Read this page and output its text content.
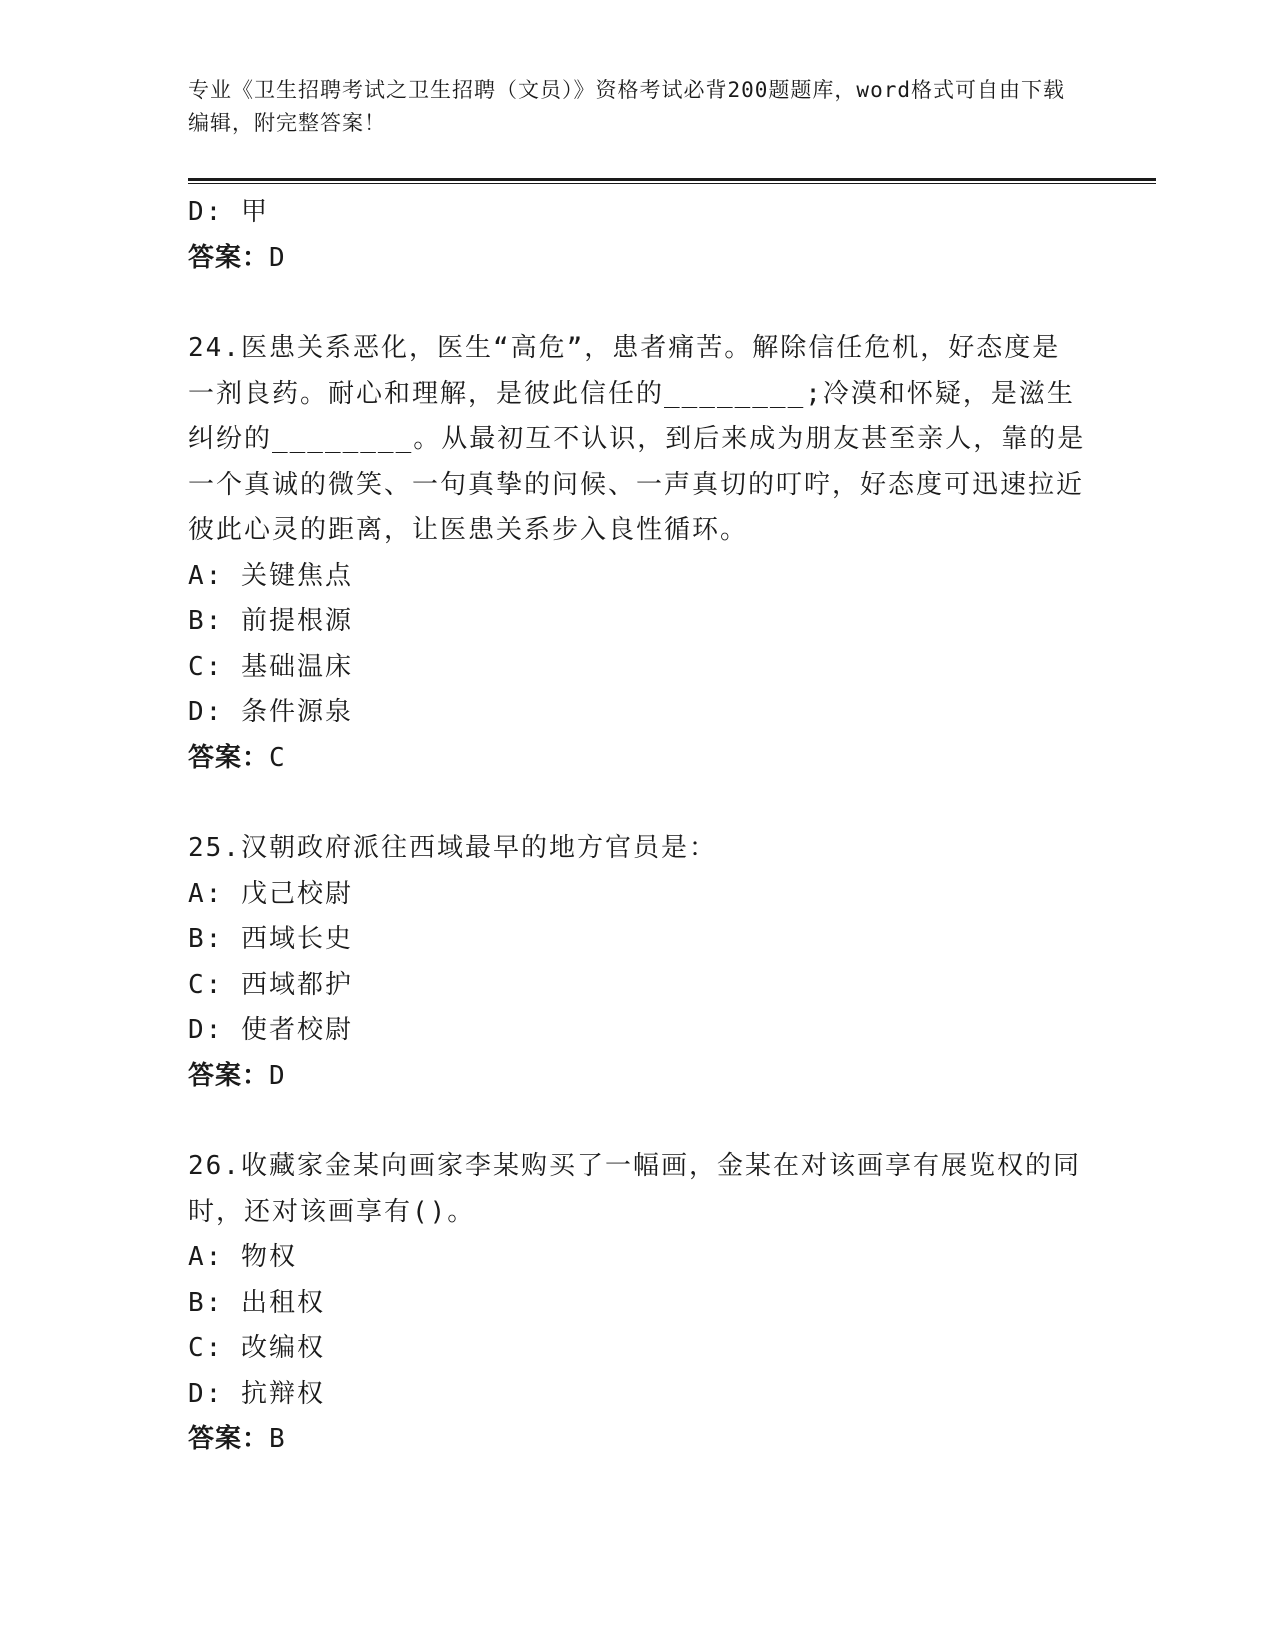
专业《卫生招聘考试之卫生招聘（文员）》资格考试必背200题题库，word格式可自由下载编辑，附完整答案！
D: 甲
答案：D
24.医患关系恶化，医生“高危”，患者痛苦。解除信任危机，好态度是一剂良药。耐心和理解，是彼此信任的________;冷漠和怀疑，是滋生纠纷的________。从最初互不认识，到后来成为朋友甚至亲人，靠的是一个真诚的微笑、一句真挚的问候、一声真切的叮咛，好态度可迅速拉近彼此心灵的距离，让医患关系步入良性循环。
A: 关键焦点
B: 前提根源
C: 基础温床
D: 条件源泉
答案：C
25.汉朝政府派往西域最早的地方官员是：
A: 戊己校尉
B: 西域长史
C: 西域都护
D: 使者校尉
答案：D
26.收藏家金某向画家李某购买了一幅画，金某在对该画享有展览权的同时，还对该画享有()。
A: 物权
B: 出租权
C: 改编权
D: 抗辩权
答案：B
